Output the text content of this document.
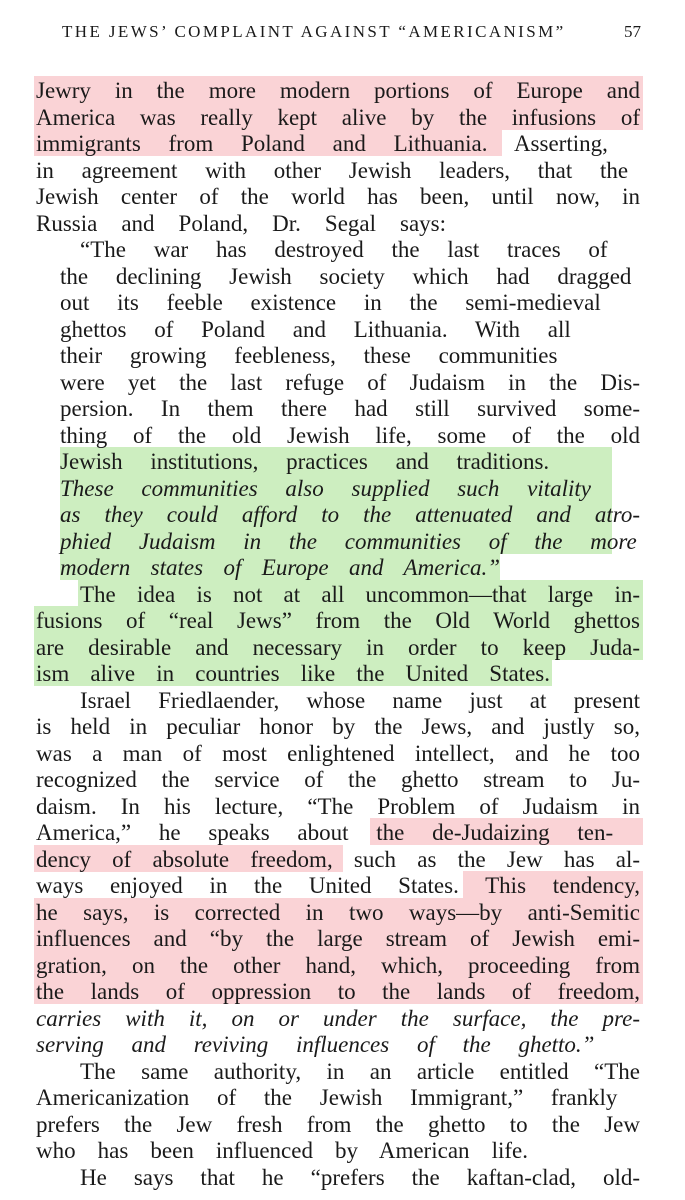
THE JEWS’ COMPLAINT AGAINST “AMERICANISM”	57
Jewry in the more modern portions of Europe and
America was really kept alive by the infusions of
immigrants from Poland and Lithuania. Asserting,
in agreement with other Jewish leaders, that the
Jewish center of the world has been, until now, in
Russia and Poland, Dr. Segal says:
“The war has destroyed the last traces of
the declining Jewish society which had dragged
out its feeble existence in the semi-medieval
ghettos of Poland and Lithuania. With all
their growing feebleness, these communities
were yet the last refuge of Judaism in the Dis-
persion. In them there had still survived some-
thing of the old Jewish life, some of the old
Jewish institutions, practices and traditions.
These communities also supplied such vitality
as they could afford to the attenuated and atro-
phied Judaism in the communities of the more
modern states of Europe and America.”
The idea is not at all uncommon—that large in-
fusions of “real Jews” from the Old World ghettos
are desirable and necessary in order to keep Juda-
ism alive in countries like the United States.
Israel Friedlaender, whose name just at present
is held in peculiar honor by the Jews, and justly so,
was a man of most enlightened intellect, and he too
recognized the service of the ghetto stream to Ju-
daism. In his lecture, “The Problem of Judaism in
America,” he speaks about the de-Judaizing ten-
dency of absolute freedom, such as the Jew has al-
ways enjoyed in the United States. This tendency,
he says, is corrected in two ways—by anti-Semitic
influences and “by the large stream of Jewish emi-
gration, on the other hand, which, proceeding from
the lands of oppression to the lands of freedom,
carries with it, on or under the surface, the pre-
serving and reviving influences of the ghetto.”
The same authority, in an article entitled “The
Americanization of the Jewish Immigrant,” frankly
prefers the Jew fresh from the ghetto to the Jew
who has been influenced by American life.
He says that he “prefers the kaftan-clad, old-
